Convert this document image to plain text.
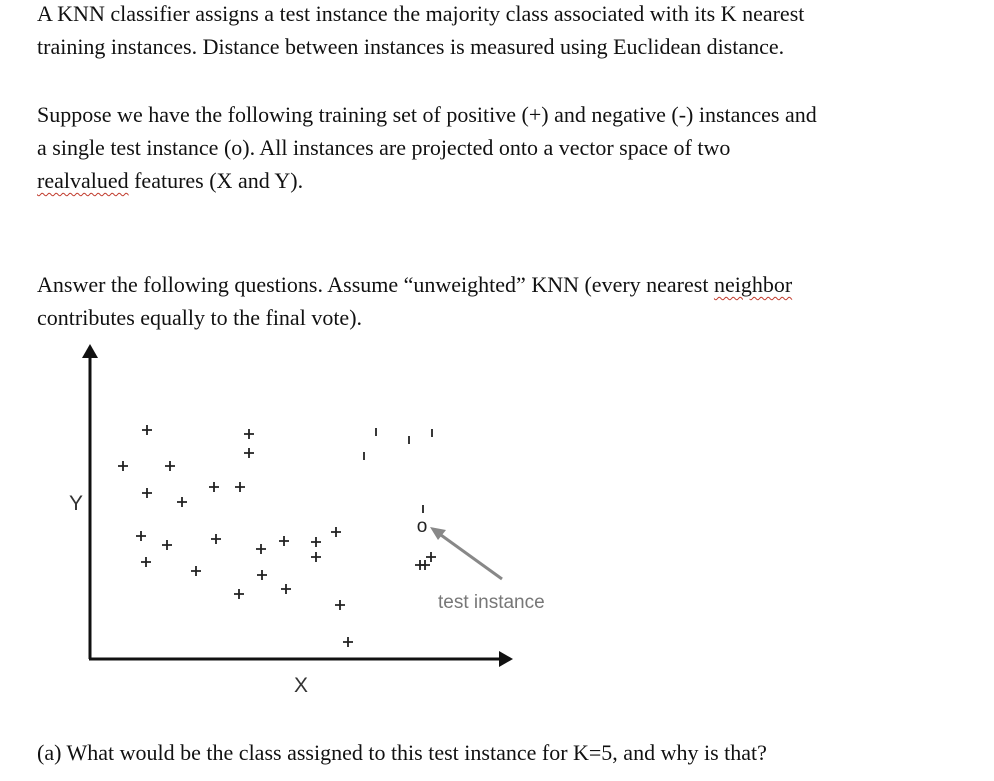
A KNN classifier assigns a test instance the majority class associated with its K nearest
training instances. Distance between instances is measured using Euclidean distance.

Suppose we have the following training set of positive (+) and negative (-) instances and
a single test instance (o). All instances are projected onto a vector space of two
realvalued features (X and Y).

Answer the following questions. Assume “unweighted” KNN (every nearest neighbor
contributes equally to the final vote).

Y
X
o
test instance

(a) What would be the class assigned to this test instance for K=5, and why is that?
